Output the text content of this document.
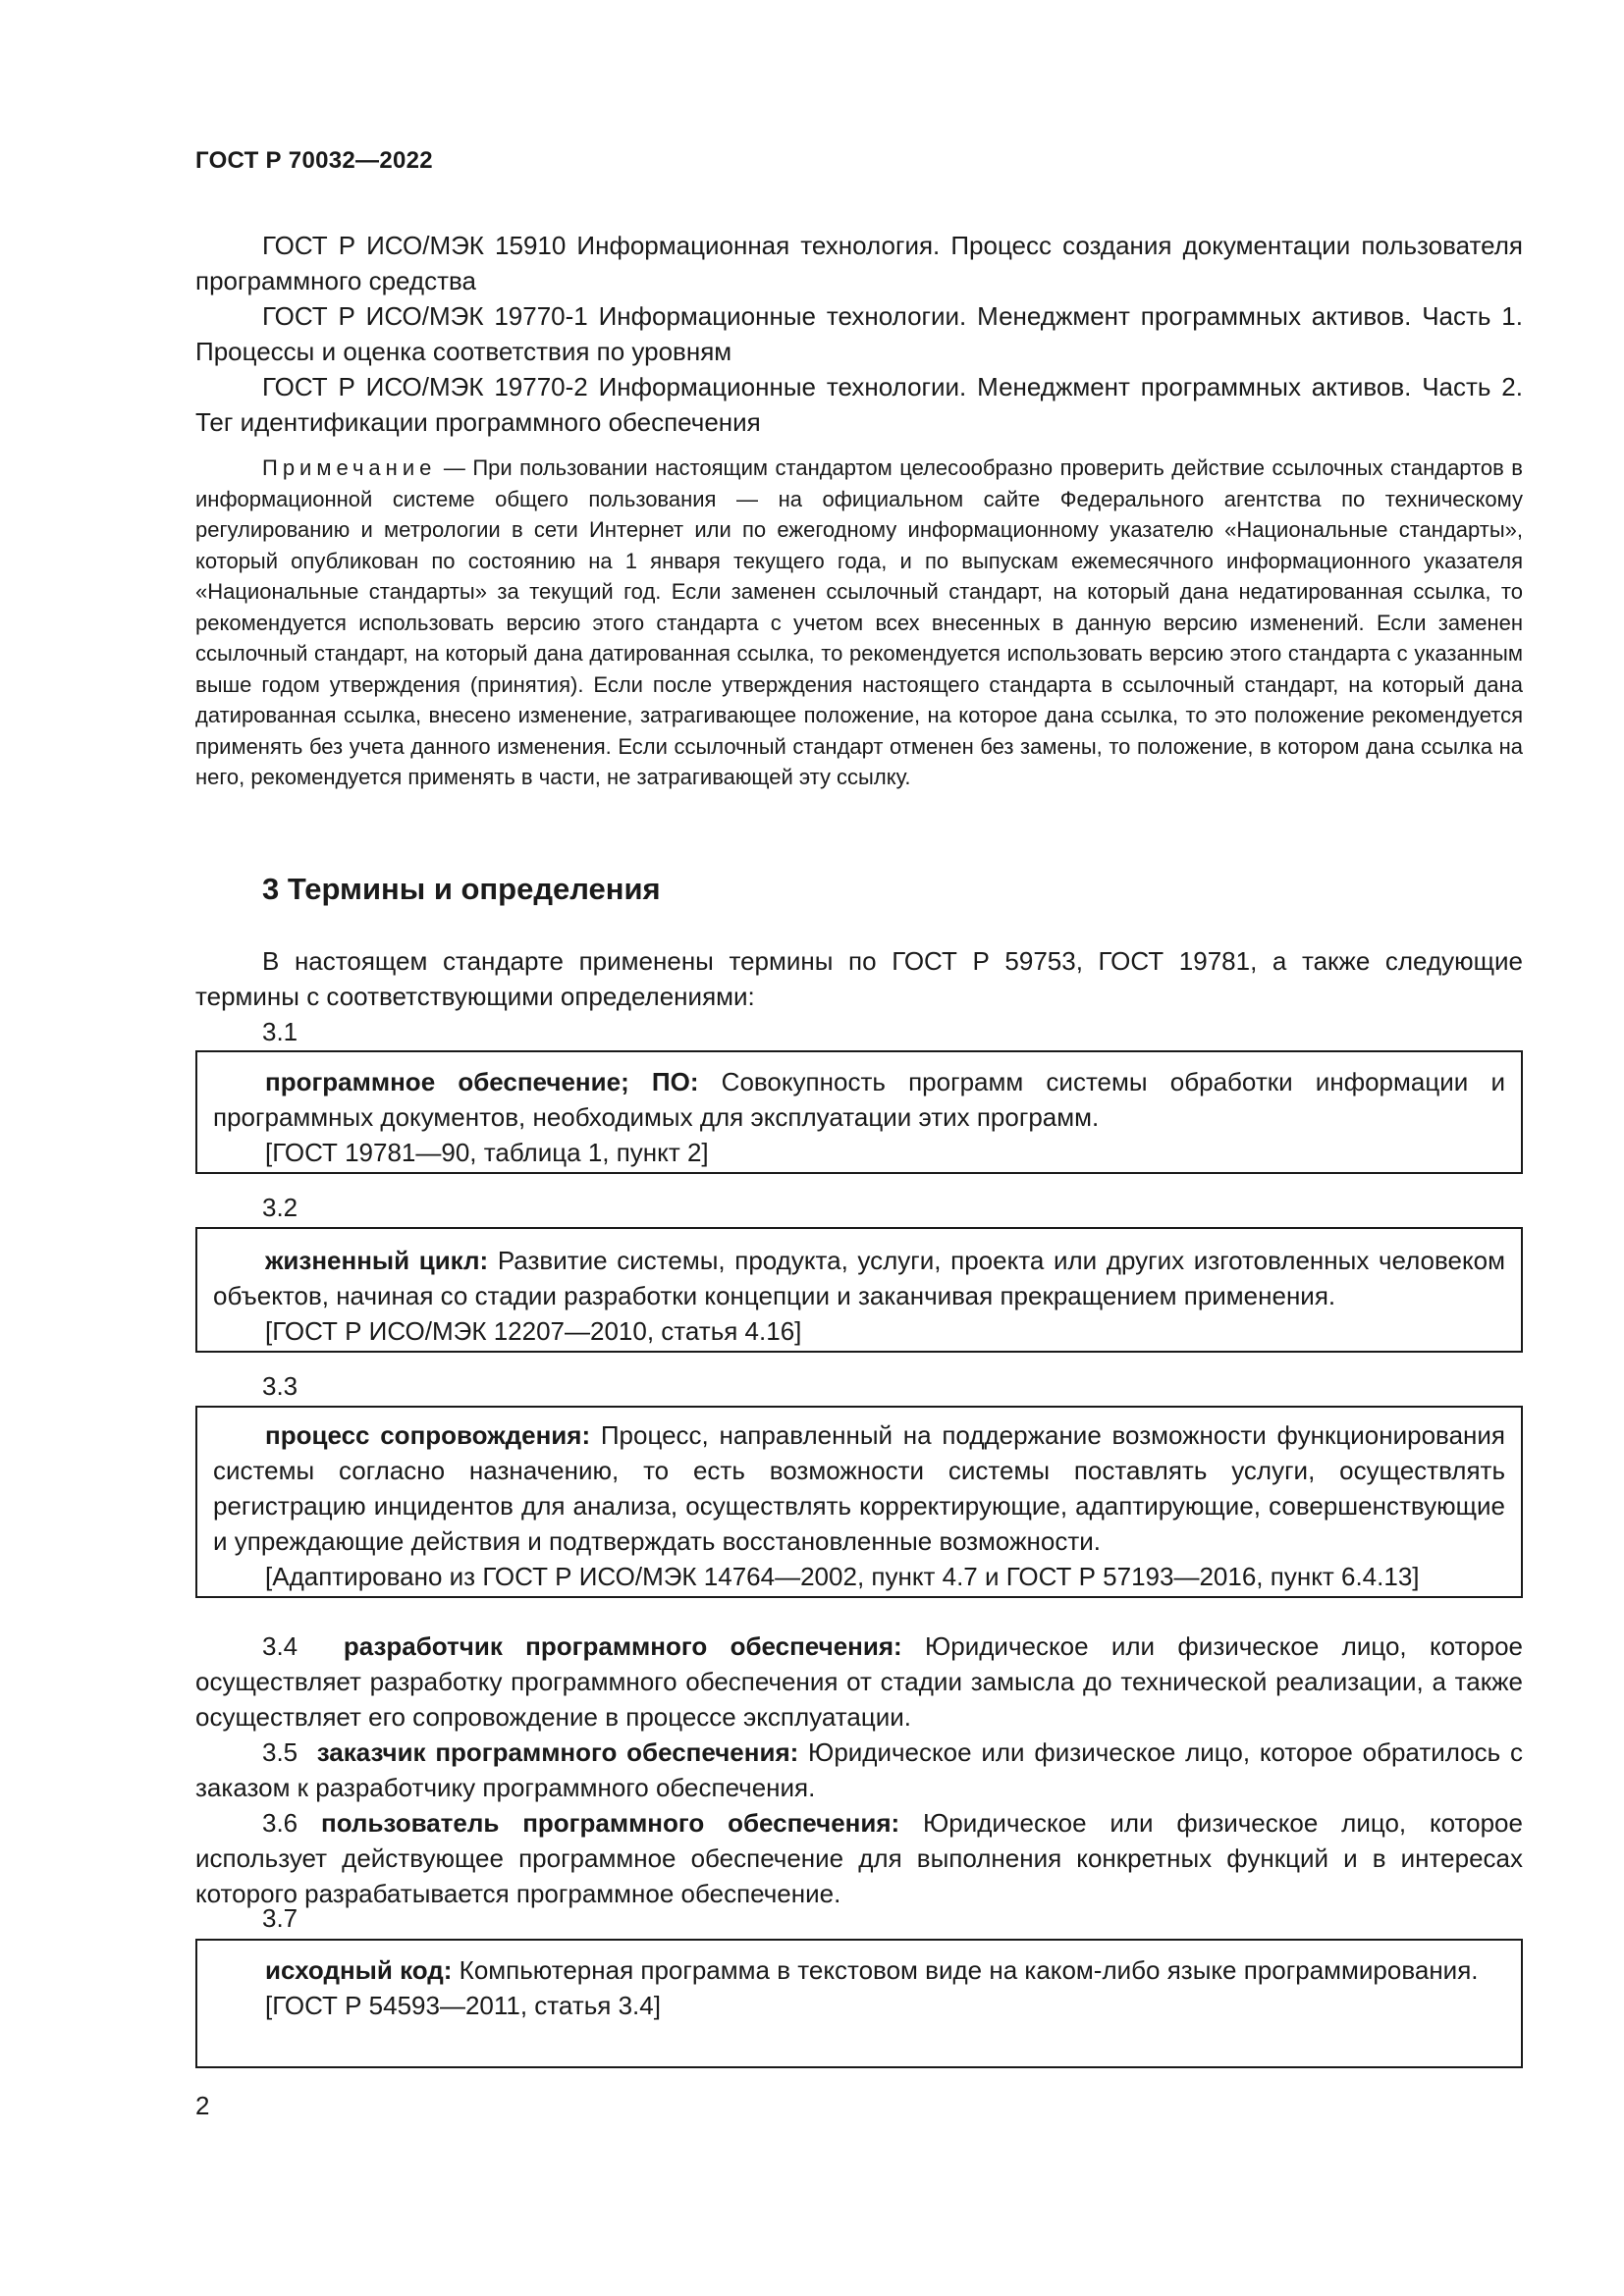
ГОСТ Р 70032—2022

ГОСТ Р ИСО/МЭК 15910 Информационная технология. Процесс создания документации пользователя программного средства

ГОСТ Р ИСО/МЭК 19770-1 Информационные технологии. Менеджмент программных активов. Часть 1. Процессы и оценка соответствия по уровням

ГОСТ Р ИСО/МЭК 19770-2 Информационные технологии. Менеджмент программных активов. Часть 2. Тег идентификации программного обеспечения

Примечание — При пользовании настоящим стандартом целесообразно проверить действие ссылочных стандартов в информационной системе общего пользования — на официальном сайте Федерального агентства по техническому регулированию и метрологии в сети Интернет или по ежегодному информационному указателю «Национальные стандарты», который опубликован по состоянию на 1 января текущего года, и по выпускам ежемесячного информационного указателя «Национальные стандарты» за текущий год. Если заменен ссылочный стандарт, на который дана недатированная ссылка, то рекомендуется использовать версию этого стандарта с учетом всех внесенных в данную версию изменений. Если заменен ссылочный стандарт, на который дана датированная ссылка, то рекомендуется использовать версию этого стандарта с указанным выше годом утверждения (принятия). Если после утверждения настоящего стандарта в ссылочный стандарт, на который дана датированная ссылка, внесено изменение, затрагивающее положение, на которое дана ссылка, то это положение рекомендуется применять без учета данного изменения. Если ссылочный стандарт отменен без замены, то положение, в котором дана ссылка на него, рекомендуется применять в части, не затрагивающей эту ссылку.

3 Термины и определения

В настоящем стандарте применены термины по ГОСТ Р 59753, ГОСТ 19781, а также следующие термины с соответствующими определениями:

3.1

программное обеспечение; ПО: Совокупность программ системы обработки информации и программных документов, необходимых для эксплуатации этих программ.

[ГОСТ 19781—90, таблица 1, пункт 2]

3.2

жизненный цикл: Развитие системы, продукта, услуги, проекта или других изготовленных человеком объектов, начиная со стадии разработки концепции и заканчивая прекращением применения.

[ГОСТ Р ИСО/МЭК 12207—2010, статья 4.16]

3.3

процесс сопровождения: Процесс, направленный на поддержание возможности функционирования системы согласно назначению, то есть возможности системы поставлять услуги, осуществлять регистрацию инцидентов для анализа, осуществлять корректирующие, адаптирующие, совершенствующие и упреждающие действия и подтверждать восстановленные возможности.

[Адаптировано из ГОСТ Р ИСО/МЭК 14764—2002, пункт 4.7 и ГОСТ Р 57193—2016, пункт 6.4.13]

3.4 разработчик программного обеспечения: Юридическое или физическое лицо, которое осуществляет разработку программного обеспечения от стадии замысла до технической реализации, а также осуществляет его сопровождение в процессе эксплуатации.

3.5 заказчик программного обеспечения: Юридическое или физическое лицо, которое обратилось с заказом к разработчику программного обеспечения.

3.6 пользователь программного обеспечения: Юридическое или физическое лицо, которое использует действующее программное обеспечение для выполнения конкретных функций и в интересах которого разрабатывается программное обеспечение.

3.7

исходный код: Компьютерная программа в текстовом виде на каком-либо языке программирования.

[ГОСТ Р 54593—2011, статья 3.4]

2
